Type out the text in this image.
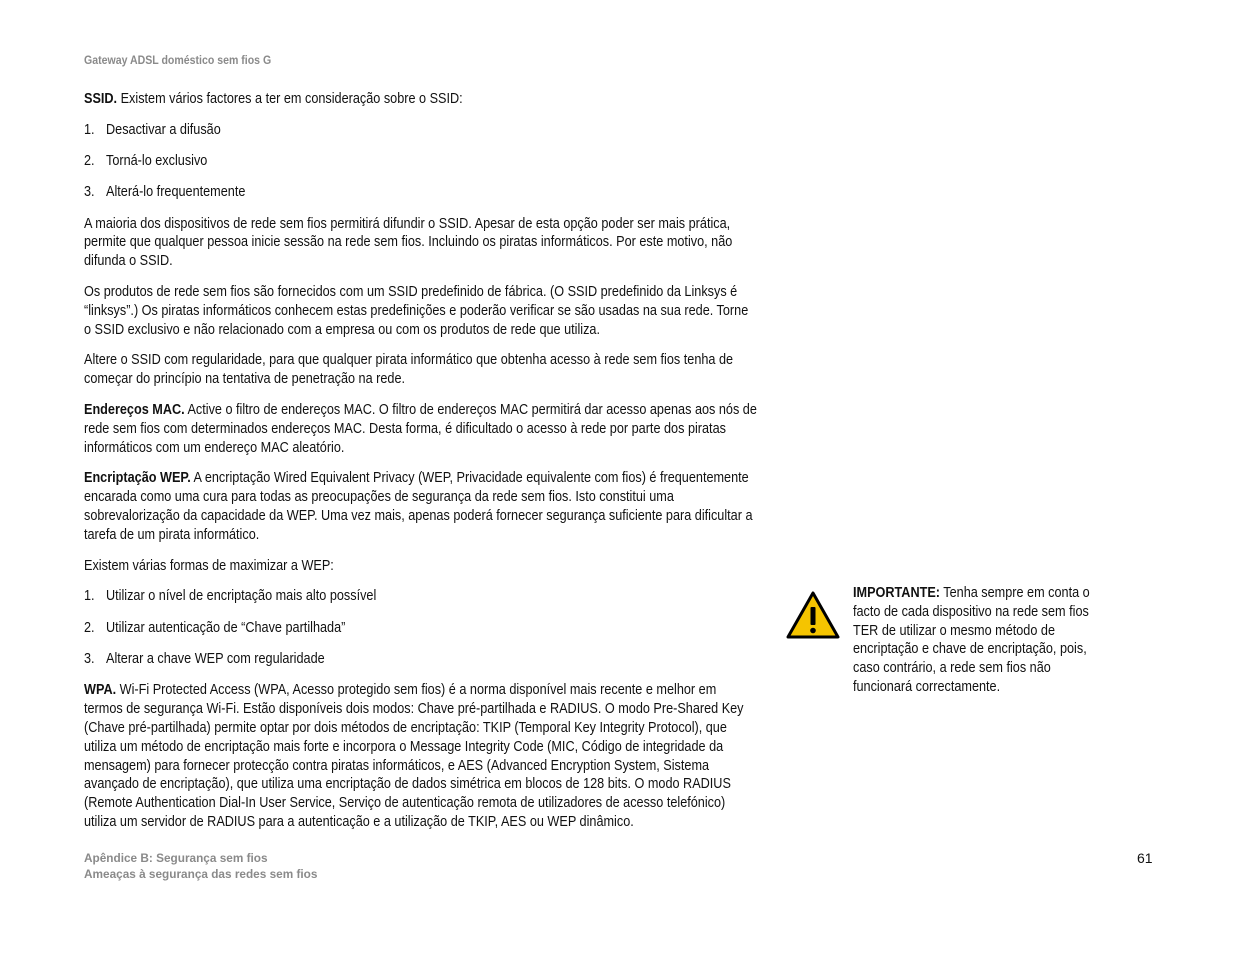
Gateway ADSL doméstico sem fios G

SSID. Existem vários factores a ter em consideração sobre o SSID:

1. Desactivar a difusão
2. Torná-lo exclusivo
3. Alterá-lo frequentemente

A maioria dos dispositivos de rede sem fios permitirá difundir o SSID. Apesar de esta opção poder ser mais prática, permite que qualquer pessoa inicie sessão na rede sem fios. Incluindo os piratas informáticos. Por este motivo, não difunda o SSID.

Os produtos de rede sem fios são fornecidos com um SSID predefinido de fábrica. (O SSID predefinido da Linksys é “linksys”.) Os piratas informáticos conhecem estas predefinições e poderão verificar se são usadas na sua rede. Torne o SSID exclusivo e não relacionado com a empresa ou com os produtos de rede que utiliza.

Altere o SSID com regularidade, para que qualquer pirata informático que obtenha acesso à rede sem fios tenha de começar do princípio na tentativa de penetração na rede.

Endereços MAC. Active o filtro de endereços MAC. O filtro de endereços MAC permitirá dar acesso apenas aos nós de rede sem fios com determinados endereços MAC. Desta forma, é dificultado o acesso à rede por parte dos piratas informáticos com um endereço MAC aleatório.

Encriptação WEP. A encriptação Wired Equivalent Privacy (WEP, Privacidade equivalente com fios) é frequentemente encarada como uma cura para todas as preocupações de segurança da rede sem fios. Isto constitui uma sobrevalorização da capacidade da WEP. Uma vez mais, apenas poderá fornecer segurança suficiente para dificultar a tarefa de um pirata informático.

Existem várias formas de maximizar a WEP:

1. Utilizar o nível de encriptação mais alto possível
2. Utilizar autenticação de “Chave partilhada”
3. Alterar a chave WEP com regularidade

WPA. Wi-Fi Protected Access (WPA, Acesso protegido sem fios) é a norma disponível mais recente e melhor em termos de segurança Wi-Fi. Estão disponíveis dois modos: Chave pré-partilhada e RADIUS. O modo Pre-Shared Key (Chave pré-partilhada) permite optar por dois métodos de encriptação: TKIP (Temporal Key Integrity Protocol), que utiliza um método de encriptação mais forte e incorpora o Message Integrity Code (MIC, Código de integridade da mensagem) para fornecer protecção contra piratas informáticos, e AES (Advanced Encryption System, Sistema avançado de encriptação), que utiliza uma encriptação de dados simétrica em blocos de 128 bits. O modo RADIUS (Remote Authentication Dial-In User Service, Serviço de autenticação remota de utilizadores de acesso telefónico) utiliza um servidor de RADIUS para a autenticação e a utilização de TKIP, AES ou WEP dinâmico.

IMPORTANTE: Tenha sempre em conta o facto de cada dispositivo na rede sem fios TER de utilizar o mesmo método de encriptação e chave de encriptação, pois, caso contrário, a rede sem fios não funcionará correctamente.
Apêndice B: Segurança sem fios
Ameaças à segurança das redes sem fios
61
